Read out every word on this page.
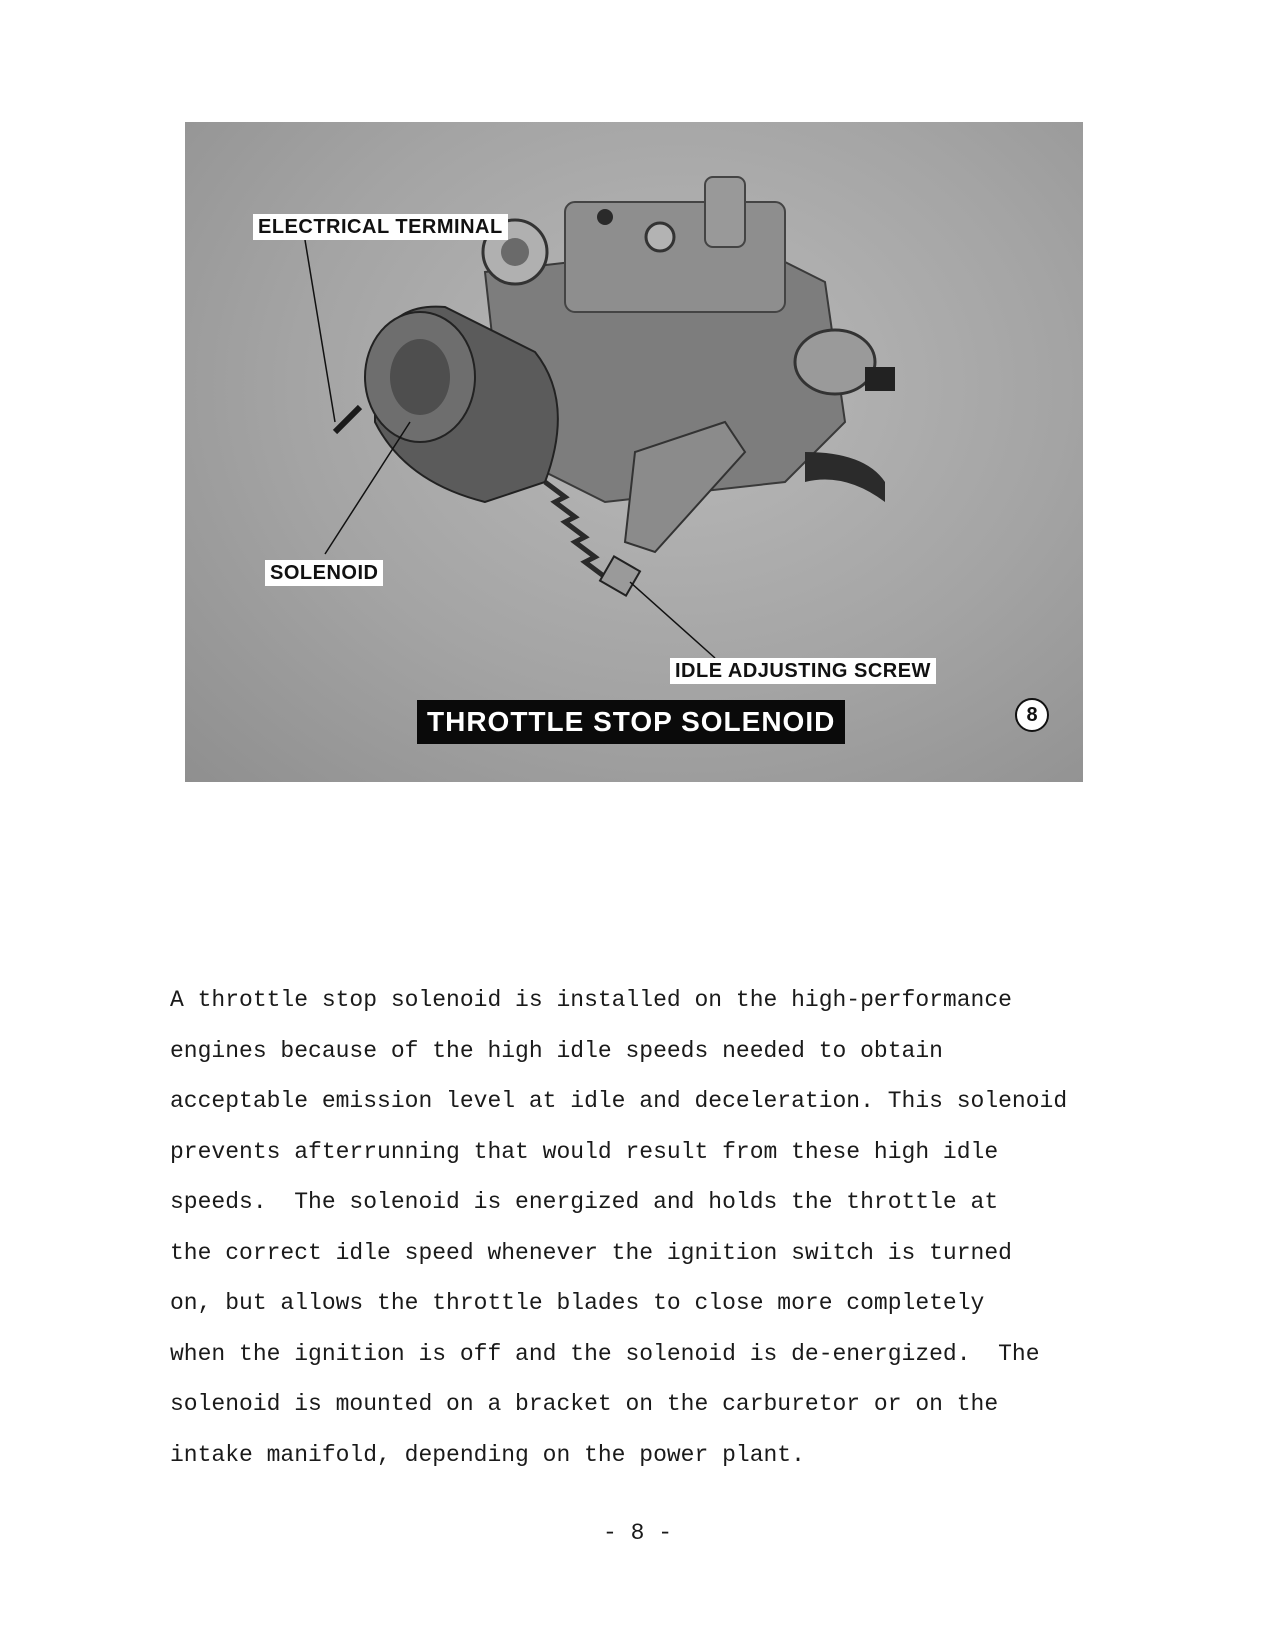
ELECTRICAL TERMINAL
SOLENOID
IDLE ADJUSTING SCREW
THROTTLE STOP SOLENOID	8
A throttle stop solenoid is installed on the high-performance
engines because of the high idle speeds needed to obtain
acceptable emission level at idle and deceleration. This solenoid
prevents afterrunning that would result from these high idle
speeds.  The solenoid is energized and holds the throttle at
the correct idle speed whenever the ignition switch is turned
on, but allows the throttle blades to close more completely
when the ignition is off and the solenoid is de-energized.  The
solenoid is mounted on a bracket on the carburetor or on the
intake manifold, depending on the power plant.
- 8 -
